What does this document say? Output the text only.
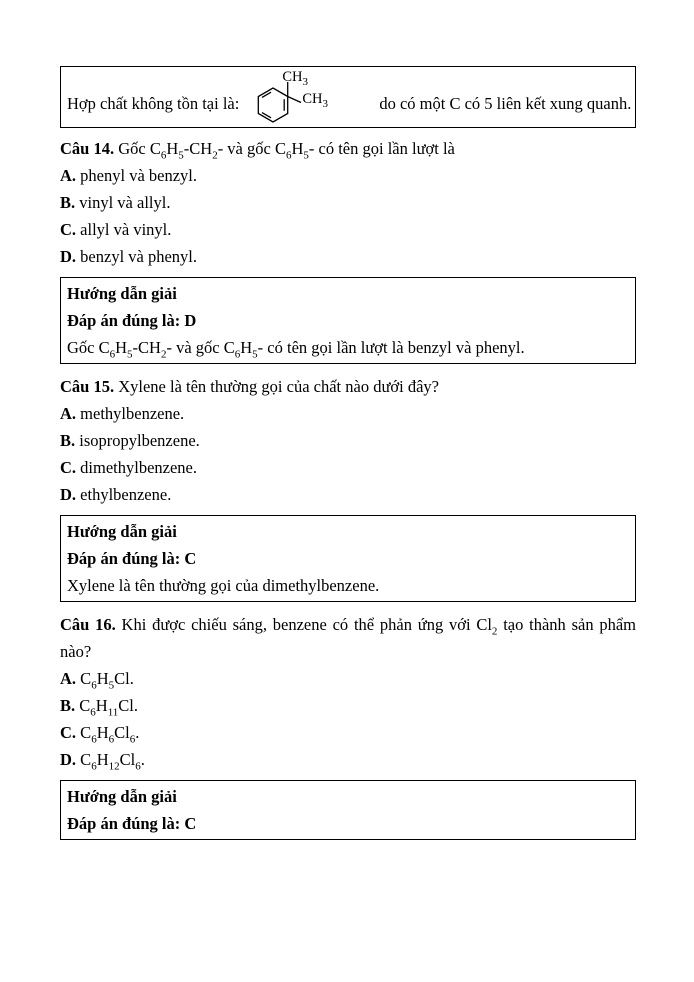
Hợp chất không tồn tại là:
$CH_3$
$CH_3$	do có một C có 5 liên kết xung quanh.

Câu 14. Gốc $C_6H_5-CH_2-$ và gốc $C_6H_5-$ có tên gọi lần lượt là

A. phenyl và benzyl.

B. vinyl và allyl.

C. allyl và vinyl.

D. benzyl và phenyl.

Hướng dẫn giải

Đáp án đúng là: D

Gốc $C_6H_5-CH_2-$ và gốc $C_6H_5-$ có tên gọi lần lượt là benzyl và phenyl.

Câu 15. Xylene là tên thường gọi của chất nào dưới đây?

A. methylbenzene.

B. isopropylbenzene.

C. dimethylbenzene.

D. ethylbenzene.

Hướng dẫn giải

Đáp án đúng là: C

Xylene là tên thường gọi của dimethylbenzene.

Câu 16. Khi được chiếu sáng, benzene có thể phản ứng với $Cl_2$ tạo thành sản phẩm nào?

A. $C_6H_5Cl$.

B. $C_6H_{11}Cl$.

C. $C_6H_6Cl_6$.

D. $C_6H_{12}Cl_6$.

Hướng dẫn giải

Đáp án đúng là: C
